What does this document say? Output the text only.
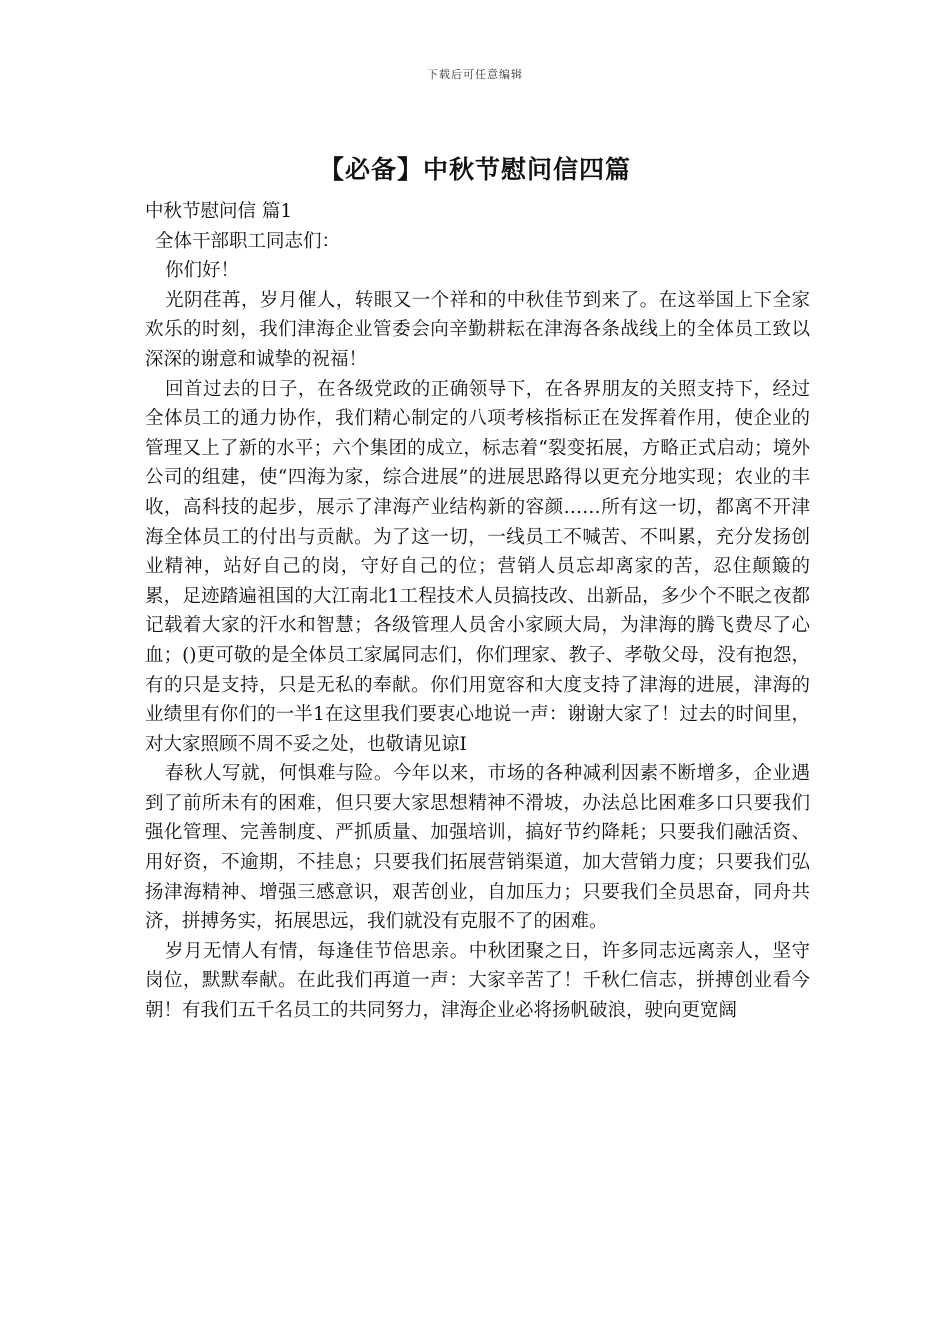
下载后可任意编辑
【必备】中秋节慰问信四篇
中秋节慰问信 篇1
全体干部职工同志们：
你们好！

光阴荏苒，岁月催人，转眼又一个祥和的中秋佳节到来了。在这举国上下全家欢乐的时刻，我们津海企业管委会向辛勤耕耘在津海各条战线上的全体员工致以深深的谢意和诚挚的祝福！

回首过去的日子，在各级党政的正确领导下，在各界朋友的关照支持下，经过全体员工的通力协作，我们精心制定的八项考核指标正在发挥着作用，使企业的管理又上了新的水平；六个集团的成立，标志着“裂变拓展，方略正式启动；境外公司的组建，使“四海为家，综合进展”的进展思路得以更充分地实现；农业的丰收，高科技的起步，展示了津海产业结构新的容颜……所有这一切，都离不开津海全体员工的付出与贡献。为了这一切，一线员工不喊苦、不叫累，充分发扬创业精神，站好自己的岗，守好自己的位；营销人员忘却离家的苦，忍住颠簸的累，足迹踏遍祖国的大江南北1工程技术人员搞技改、出新品，多少个不眠之夜都记载着大家的汗水和智慧；各级管理人员舍小家顾大局，为津海的腾飞费尽了心血；()更可敬的是全体员工家属同志们，你们理家、教子、孝敬父母，没有抱怨，有的只是支持，只是无私的奉献。你们用宽容和大度支持了津海的进展，津海的业绩里有你们的一半1在这里我们要衷心地说一声：谢谢大家了！过去的时间里，对大家照顾不周不妥之处，也敬请见谅I

春秋人写就，何惧难与险。今年以来，市场的各种减利因素不断增多，企业遇到了前所未有的困难，但只要大家思想精神不滑坡，办法总比困难多口只要我们强化管理、完善制度、严抓质量、加强培训，搞好节约降耗；只要我们融活资、用好资，不逾期，不挂息；只要我们拓展营销渠道，加大营销力度；只要我们弘扬津海精神、增强三感意识，艰苦创业，自加压力；只要我们全员思奋，同舟共济，拼搏务实，拓展思远，我们就没有克服不了的困难。

岁月无情人有情，每逢佳节倍思亲。中秋团聚之日，许多同志远离亲人，坚守岗位，默默奉献。在此我们再道一声：大家辛苦了！千秋仁信志，拼搏创业看今朝！有我们五千名员工的共同努力，津海企业必将扬帆破浪，驶向更宽阔
